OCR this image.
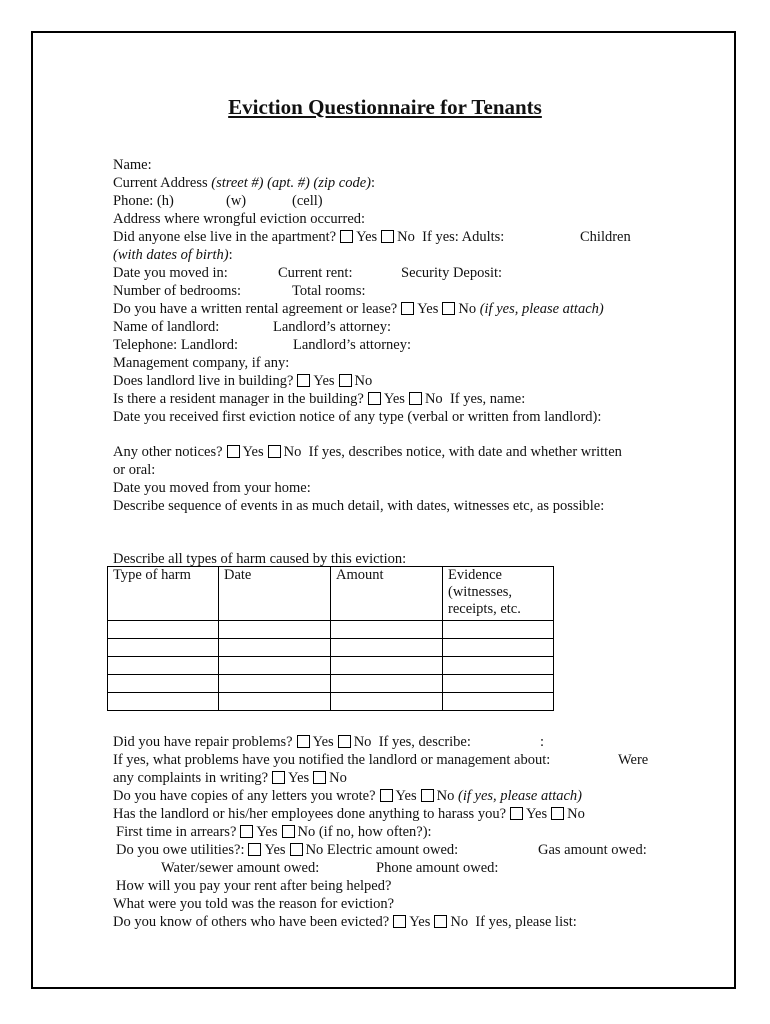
Eviction Questionnaire for Tenants
Name:
Current Address (street #) (apt. #) (zip code):
Phone: (h)	(w)	(cell)
Address where wrongful eviction occurred:
Did anyone else live in the apartment? Yes No If yes: Adults:	Children
(with dates of birth):
Date you moved in:	Current rent:	Security Deposit:
Number of bedrooms:	Total rooms:
Do you have a written rental agreement or lease? Yes No (if yes, please attach)
Name of landlord:	Landlord’s attorney:
Telephone: Landlord:	Landlord’s attorney:
Management company, if any:
Does landlord live in building? Yes No
Is there a resident manager in the building? Yes No If yes, name:
Date you received first eviction notice of any type (verbal or written from landlord):
Any other notices? Yes No If yes, describes notice, with date and whether written
or oral:
Date you moved from your home:
Describe sequence of events in as much detail, with dates, witnesses etc, as possible:
Describe all types of harm caused by this eviction:
Type of harm	Date	Amount	Evidence
(witnesses,
receipts, etc.

Did you have repair problems? Yes No If yes, describe:	:
If yes, what problems have you notified the landlord or management about:	Were
any complaints in writing? Yes No
Do you have copies of any letters you wrote? Yes No (if yes, please attach)
Has the landlord or his/her employees done anything to harass you? Yes No
First time in arrears? Yes No (if no, how often?):
Do you owe utilities?: Yes No Electric amount owed:	Gas amount owed:
Water/sewer amount owed:	Phone amount owed:
How will you pay your rent after being helped?
What were you told was the reason for eviction?
Do you know of others who have been evicted? Yes No If yes, please list:
